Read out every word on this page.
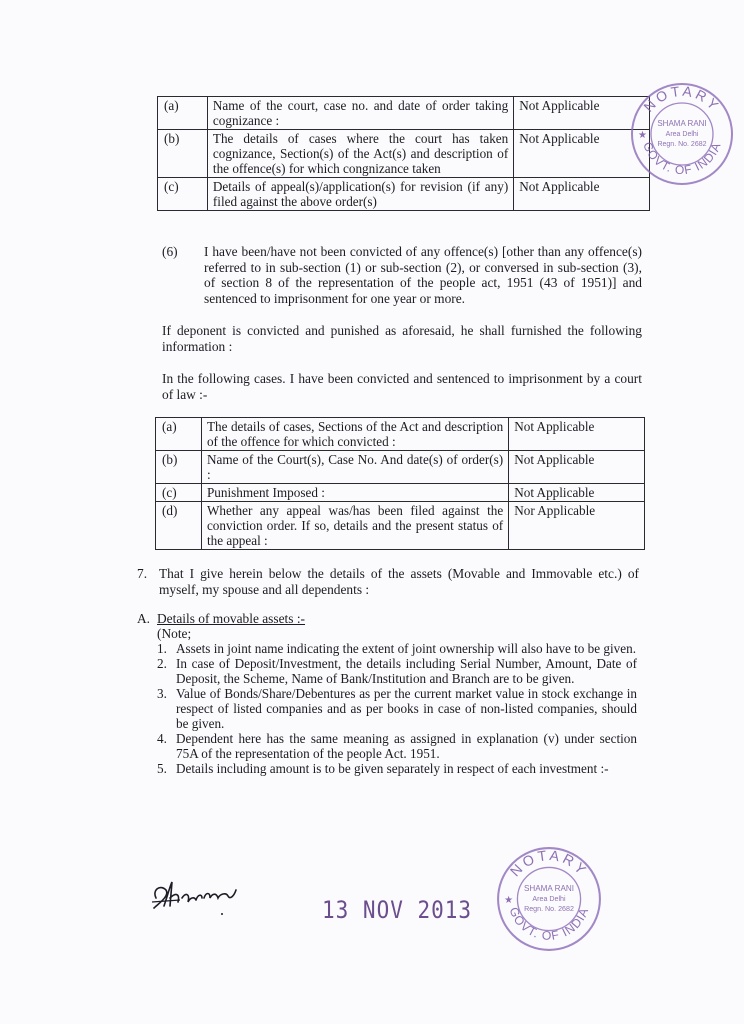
(a)	Name of the court, case no. and date of order taking cognizance :	Not Applicable
(b)	The details of cases where the court has taken cognizance, Section(s) of the Act(s) and description of the offence(s) for which congnizance taken	Not Applicable
(c)	Details of appeal(s)/application(s) for revision (if any) filed against the above order(s)	Not Applicable
(6) I have been/have not been convicted of any offence(s) [other than any offence(s) referred to in sub-section (1) or sub-section (2), or conversed in sub-section (3), of section 8 of the representation of the people act, 1951 (43 of 1951)] and sentenced to imprisonment for one year or more.
If deponent is convicted and punished as aforesaid, he shall furnished the following information :
In the following cases. I have been convicted and sentenced to imprisonment by a court of law :-
(a)	The details of cases, Sections of the Act and description of the offence for which convicted :	Not Applicable
(b)	Name of the Court(s), Case No. And date(s) of order(s) :	Not Applicable
(c)	Punishment Imposed :	Not Applicable
(d)	Whether any appeal was/has been filed against the conviction order. If so, details and the present status of the appeal :	Nor Applicable
7. That I give herein below the details of the assets (Movable and Immovable etc.) of myself, my spouse and all dependents :
A. Details of movable assets :-
(Note;
1. Assets in joint name indicating the extent of joint ownership will also have to be given.
2. In case of Deposit/Investment, the details including Serial Number, Amount, Date of Deposit, the Scheme, Name of Bank/Institution and Branch are to be given.
3. Value of Bonds/Share/Debentures as per the current market value in stock exchange in respect of listed companies and as per books in case of non-listed companies, should be given.
4. Dependent here has the same meaning as assigned in explanation (v) under section 75A of the representation of the people Act. 1951.
5. Details including amount is to be given separately in respect of each investment :-
NOTARY
GOVT. OF INDIA
SHAMA RANI
Area Delhi
Regn. No. 2682
★
NOTARY
GOVT. OF INDIA
SHAMA RANI
Area Delhi
Regn. No. 2682
★
13 NOV 2013
